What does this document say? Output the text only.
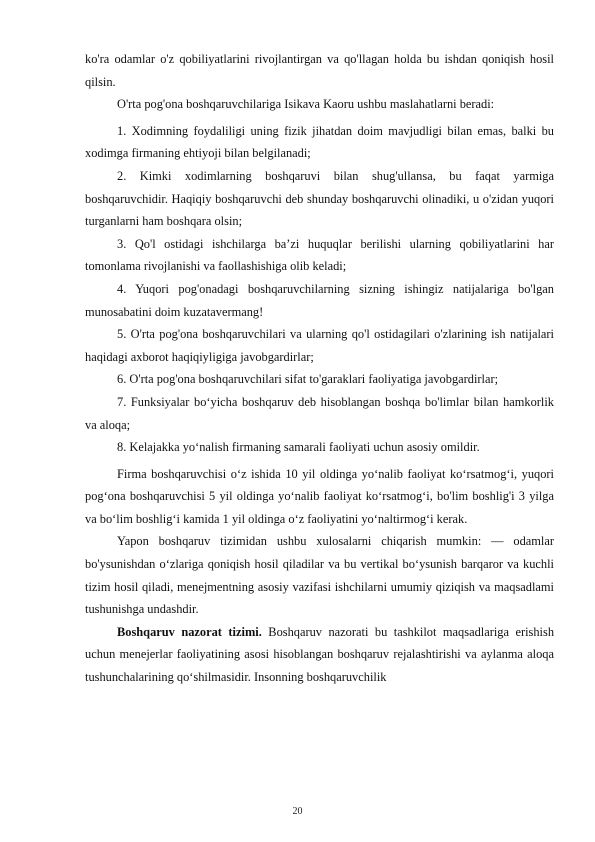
ko'ra odamlar o'z qobiliyatlarini rivojlantirgan va qo'llagan holda bu ishdan qoniqish hosil qilsin.

O'rta pog'ona boshqaruvchilariga Isikava Kaoru ushbu maslahatlarni beradi:

1. Xodimning foydaliligi uning fizik jihatdan doim mavjudligi bilan emas, balki bu xodimga firmaning ehtiyoji bilan belgilanadi;

2. Kimki xodimlarning boshqaruvi bilan shug'ullansa, bu faqat yarmiga boshqaruvchidir. Haqiqiy boshqaruvchi deb shunday boshqaruvchi olinadiki, u o'zidan yuqori turganlarni ham boshqara olsin;

3. Qo'l ostidagi ishchilarga ba’zi huquqlar berilishi ularning qobiliyatlarini har tomonlama rivojlanishi va faollashishiga olib keladi;

4. Yuqori pog'onadagi boshqaruvchilarning sizning ishingiz natijalariga bo'lgan munosabatini doim kuzatavermang!

5. O'rta pog'ona boshqaruvchilari va ularning qo'l ostidagilari o'zlarining ish natijalari haqidagi axborot haqiqiyligiga javobgardirlar;

6. O'rta pog'ona boshqaruvchilari sifat to'garaklari faoliyatiga javobgardirlar;

7. Funksiyalar bo‘yicha boshqaruv deb hisoblangan boshqa bo'limlar bilan hamkorlik va aloqa;

8. Kelajakka yo‘nalish firmaning samarali faoliyati uchun asosiy omildir.

Firma boshqaruvchisi o‘z ishida 10 yil oldinga yo‘nalib faoliyat ko‘rsatmog‘i, yuqori pog‘ona boshqaruvchisi 5 yil oldinga yo‘nalib faoliyat ko‘rsatmog‘i, bo'lim boshlig'i 3 yilga va bo‘lim boshlig‘i kamida 1 yil oldinga o‘z faoliyatini yo‘naltirmog‘i kerak.

Yapon boshqaruv tizimidan ushbu xulosalarni chiqarish mumkin: — odamlar bo'ysunishdan o‘zlariga qoniqish hosil qiladilar va bu vertikal bo‘ysunish barqaror va kuchli tizim hosil qiladi, menejmentning asosiy vazifasi ishchilarni umumiy qiziqish va maqsadlami tushunishga undashdir.

Boshqaruv nazorat tizimi. Boshqaruv nazorati bu tashkilot maqsadlariga erishish uchun menejerlar faoliyatining asosi hisoblangan boshqaruv rejalashtirishi va aylanma aloqa tushunchalarining qo‘shilmasidir. Insonning boshqaruvchilik

20
